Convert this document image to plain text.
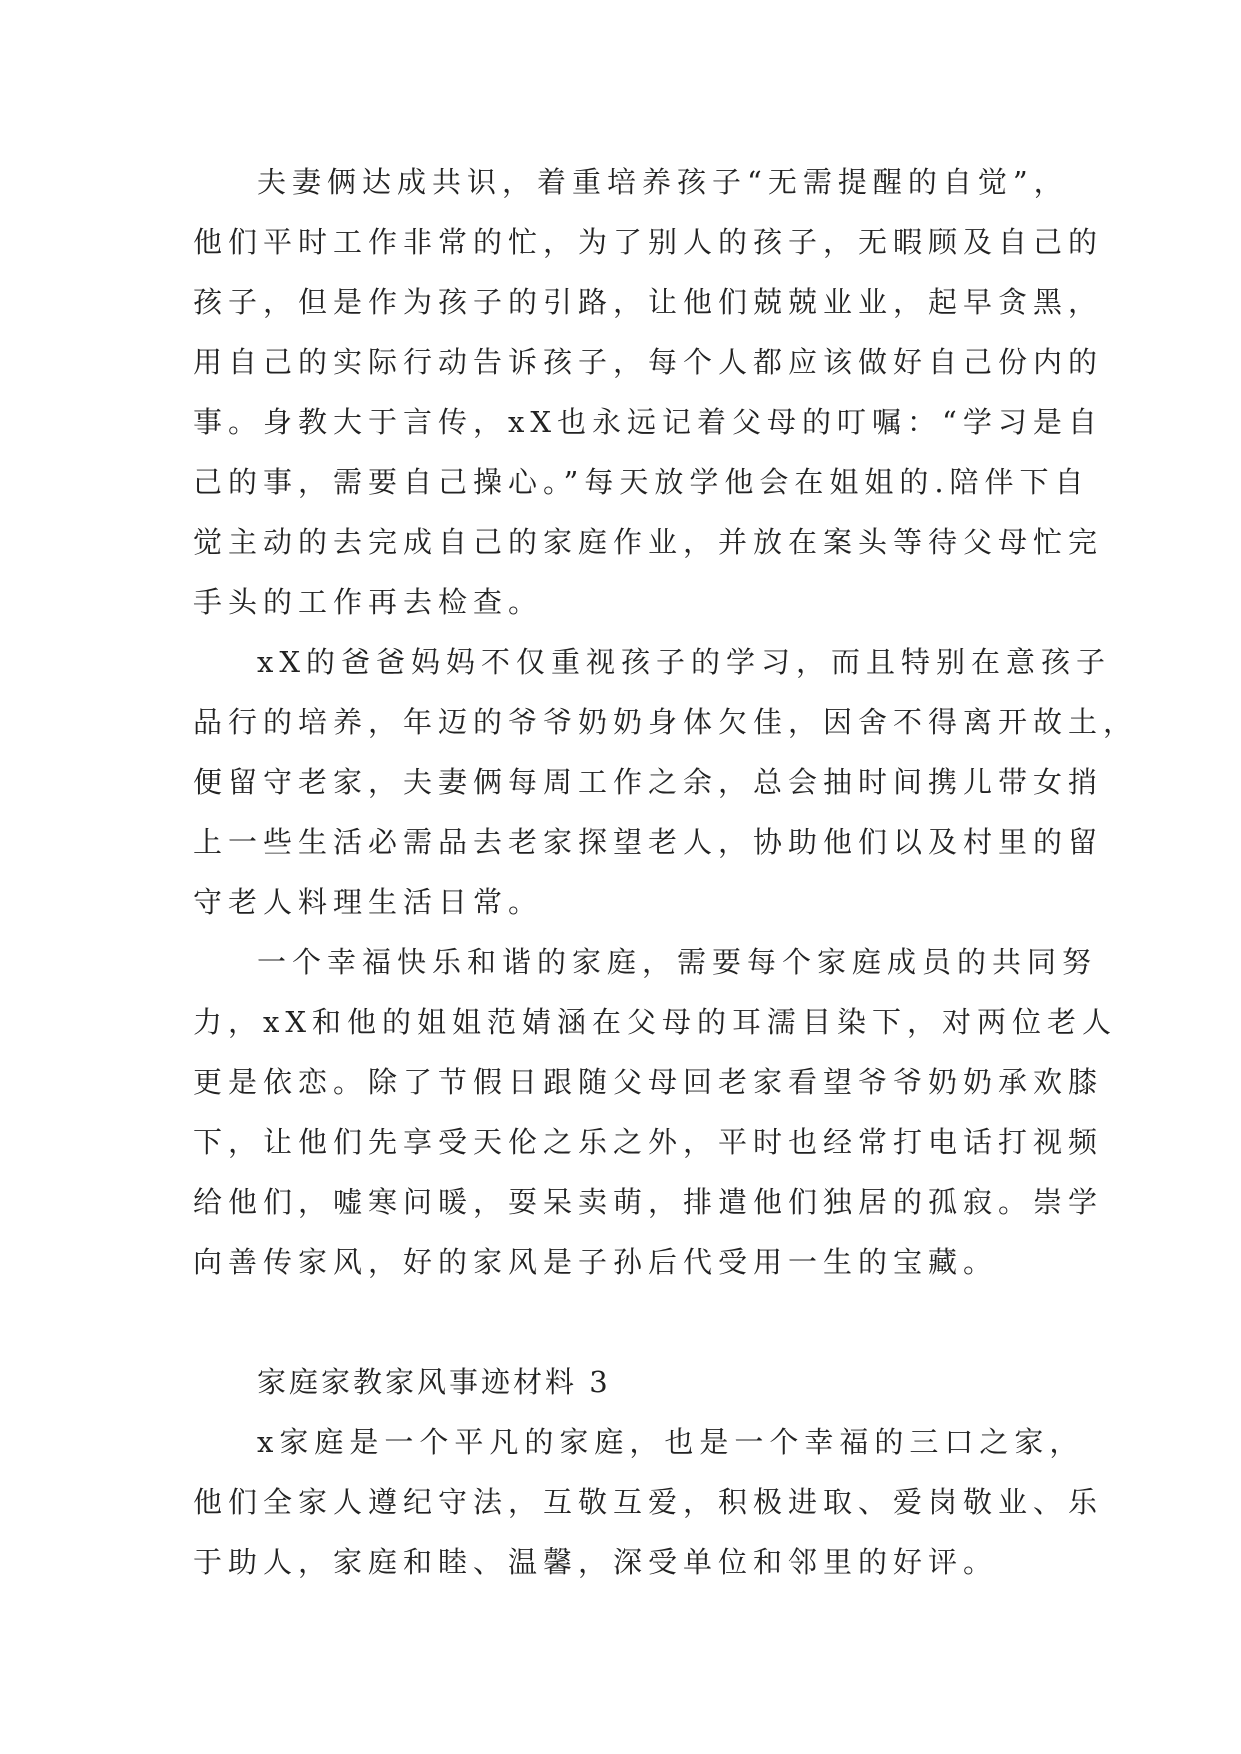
夫妻俩达成共识，着重培养孩子“无需提醒的自觉”，
他们平时工作非常的忙，为了别人的孩子，无暇顾及自己的
孩子，但是作为孩子的引路，让他们兢兢业业，起早贪黑，
用自己的实际行动告诉孩子，每个人都应该做好自己份内的
事。身教大于言传，xX也永远记着父母的叮嘱：“学习是自
己的事，需要自己操心。”每天放学他会在姐姐的.陪伴下自
觉主动的去完成自己的家庭作业，并放在案头等待父母忙完
手头的工作再去检查。
xX的爸爸妈妈不仅重视孩子的学习，而且特别在意孩子
品行的培养，年迈的爷爷奶奶身体欠佳，因舍不得离开故土，
便留守老家，夫妻俩每周工作之余，总会抽时间携儿带女捎
上一些生活必需品去老家探望老人，协助他们以及村里的留
守老人料理生活日常。
一个幸福快乐和谐的家庭，需要每个家庭成员的共同努
力，xX和他的姐姐范婧涵在父母的耳濡目染下，对两位老人
更是依恋。除了节假日跟随父母回老家看望爷爷奶奶承欢膝
下，让他们先享受天伦之乐之外，平时也经常打电话打视频
给他们，嘘寒问暖，耍呆卖萌，排遣他们独居的孤寂。崇学
向善传家风，好的家风是子孙后代受用一生的宝藏。
家庭家教家风事迹材料 3
x家庭是一个平凡的家庭，也是一个幸福的三口之家，
他们全家人遵纪守法，互敬互爱，积极进取、爱岗敬业、乐
于助人，家庭和睦、温馨，深受单位和邻里的好评。
